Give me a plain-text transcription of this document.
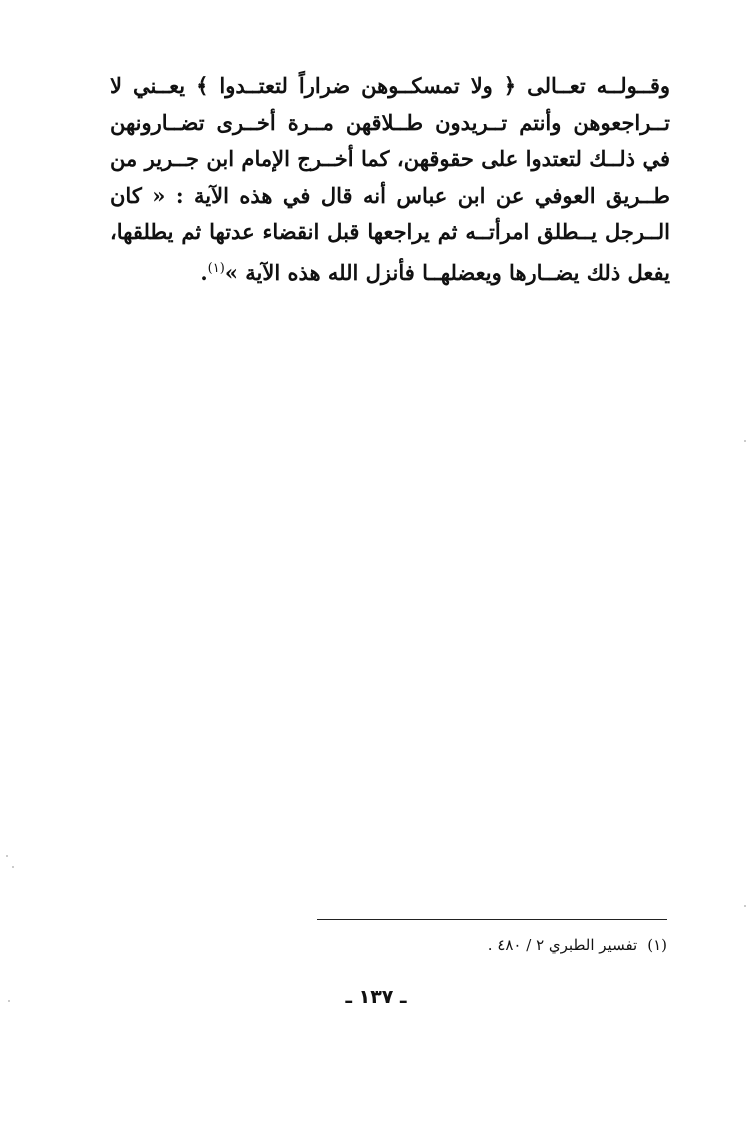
وقــولــه تعــالى ﴿ ولا تمسكــوهن ضراراً لتعتــدوا ﴾ يعــني لا تــراجعوهن وأنتم تــريدون طــلاقهن مــرة أخــرى تضــارونهن في ذلــك لتعتدوا على حقوقهن، كما أخــرج الإمام ابن جــرير من طــريق العوفي عن ابن عباس أنه قال في هذه الآية : « كان الــرجل يــطلق امرأتــه ثم يراجعها قبل انقضاء عدتها ثم يطلقها، يفعل ذلك يضــارها ويعضلهــا فأنزل الله هذه الآية »$^{(١)}$.

(١)تفسير الطبري ٢ / ٤٨٠ .
ـ ١٣٧ ـ
